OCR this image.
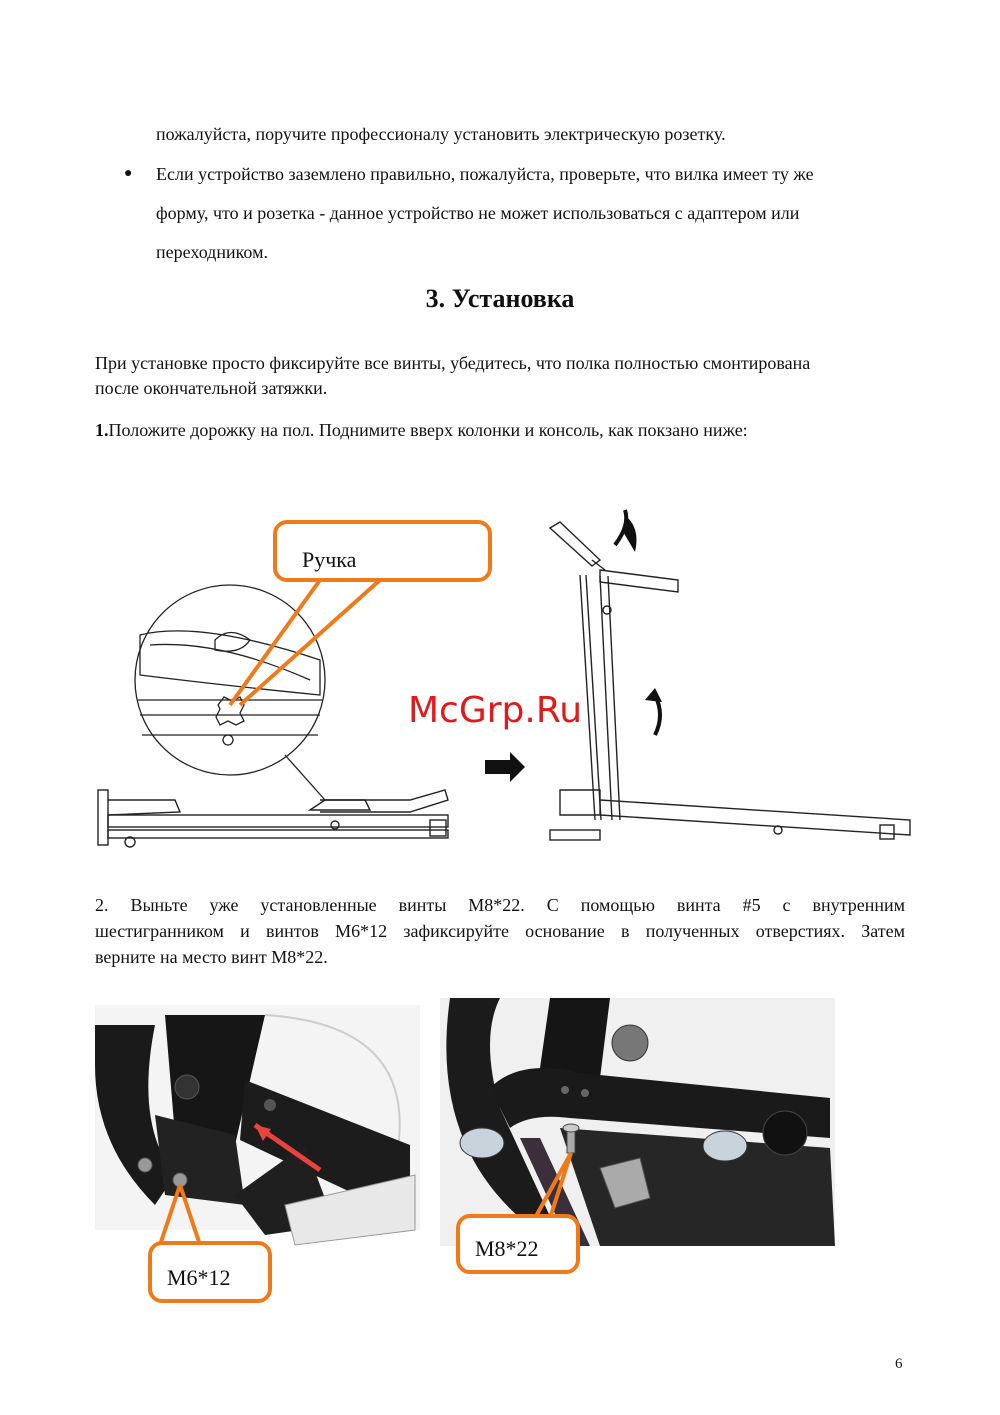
пожалуйста, поручите профессионалу установить электрическую розетку.
● Если устройство заземлено правильно, пожалуйста, проверьте, что вилка имеет ту же
форму, что и розетка - данное устройство не может использоваться с адаптером или
переходником.
3. Установка
При установке просто фиксируйте все винты, убедитесь, что полка полностью смонтирована
после окончательной затяжки.
1.Положите дорожку на пол. Поднимите вверх колонки и консоль, как покзано ниже:
Ручка
McGrp.Ru
2. Выньте уже установленные винты М8*22. С помощью винта #5 с внутренним
шестигранником и винтов М6*12 зафиксируйте основание в полученных отверстиях. Затем
верните на место винт М8*22.
M6*12
M8*22
6
